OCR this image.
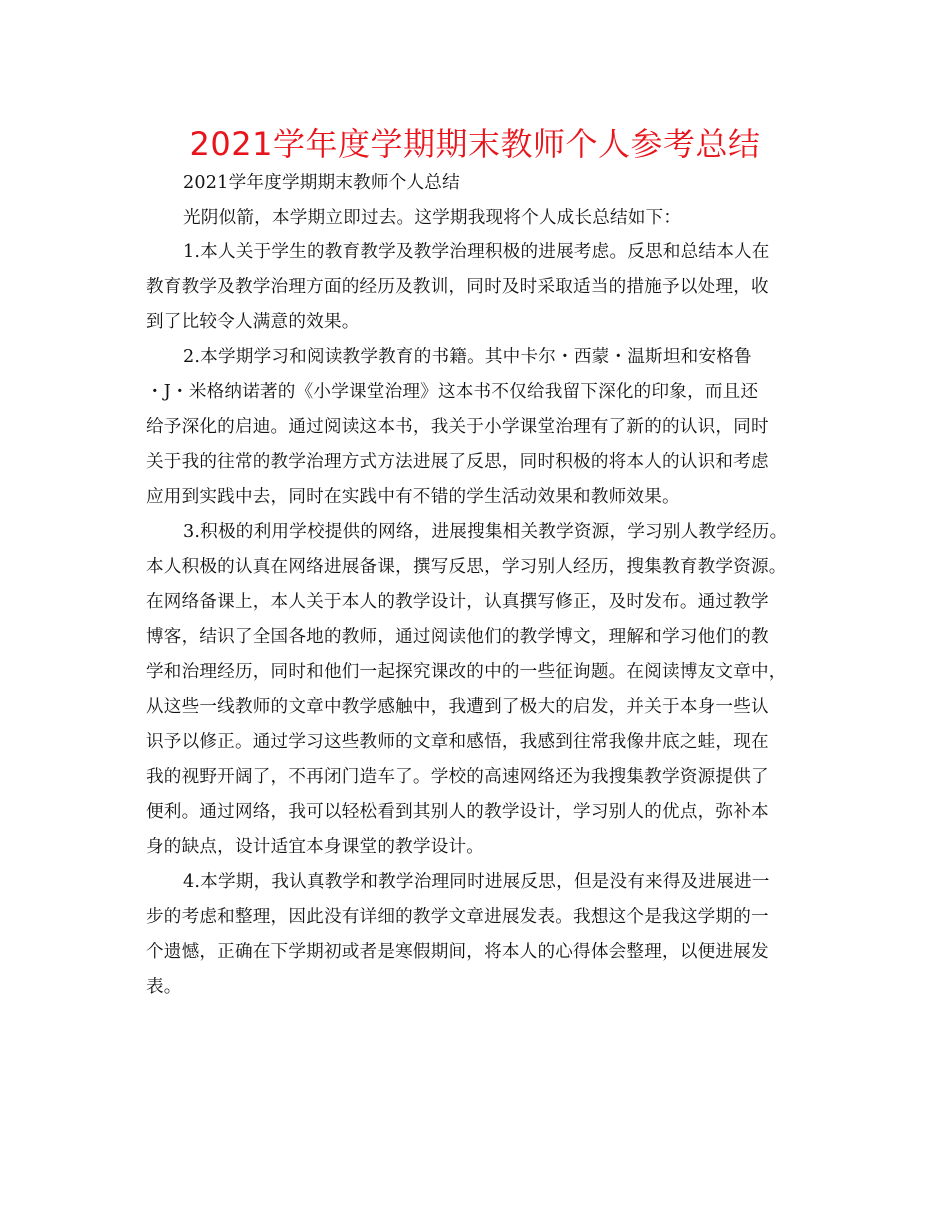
2021学年度学期期末教师个人参考总结
2021学年度学期期末教师个人总结
光阴似箭，本学期立即过去。这学期我现将个人成长总结如下：
1.本人关于学生的教育教学及教学治理积极的进展考虑。反思和总结本人在
教育教学及教学治理方面的经历及教训，同时及时采取适当的措施予以处理，收
到了比较令人满意的效果。
2.本学期学习和阅读教学教育的书籍。其中卡尔・西蒙・温斯坦和安格鲁
・J・米格纳诺著的《小学课堂治理》这本书不仅给我留下深化的印象，而且还
给予深化的启迪。通过阅读这本书，我关于小学课堂治理有了新的的认识，同时
关于我的往常的教学治理方式方法进展了反思，同时积极的将本人的认识和考虑
应用到实践中去，同时在实践中有不错的学生活动效果和教师效果。
3.积极的利用学校提供的网络，进展搜集相关教学资源，学习别人教学经历。
本人积极的认真在网络进展备课，撰写反思，学习别人经历，搜集教育教学资源。
在网络备课上，本人关于本人的教学设计，认真撰写修正，及时发布。通过教学
博客，结识了全国各地的教师，通过阅读他们的教学博文，理解和学习他们的教
学和治理经历，同时和他们一起探究课改的中的一些征询题。在阅读博友文章中，
从这些一线教师的文章中教学感触中，我遭到了极大的启发，并关于本身一些认
识予以修正。通过学习这些教师的文章和感悟，我感到往常我像井底之蛙，现在
我的视野开阔了，不再闭门造车了。学校的高速网络还为我搜集教学资源提供了
便利。通过网络，我可以轻松看到其别人的教学设计，学习别人的优点，弥补本
身的缺点，设计适宜本身课堂的教学设计。
4.本学期，我认真教学和教学治理同时进展反思，但是没有来得及进展进一
步的考虑和整理，因此没有详细的教学文章进展发表。我想这个是我这学期的一
个遗憾，正确在下学期初或者是寒假期间，将本人的心得体会整理，以便进展发
表。
